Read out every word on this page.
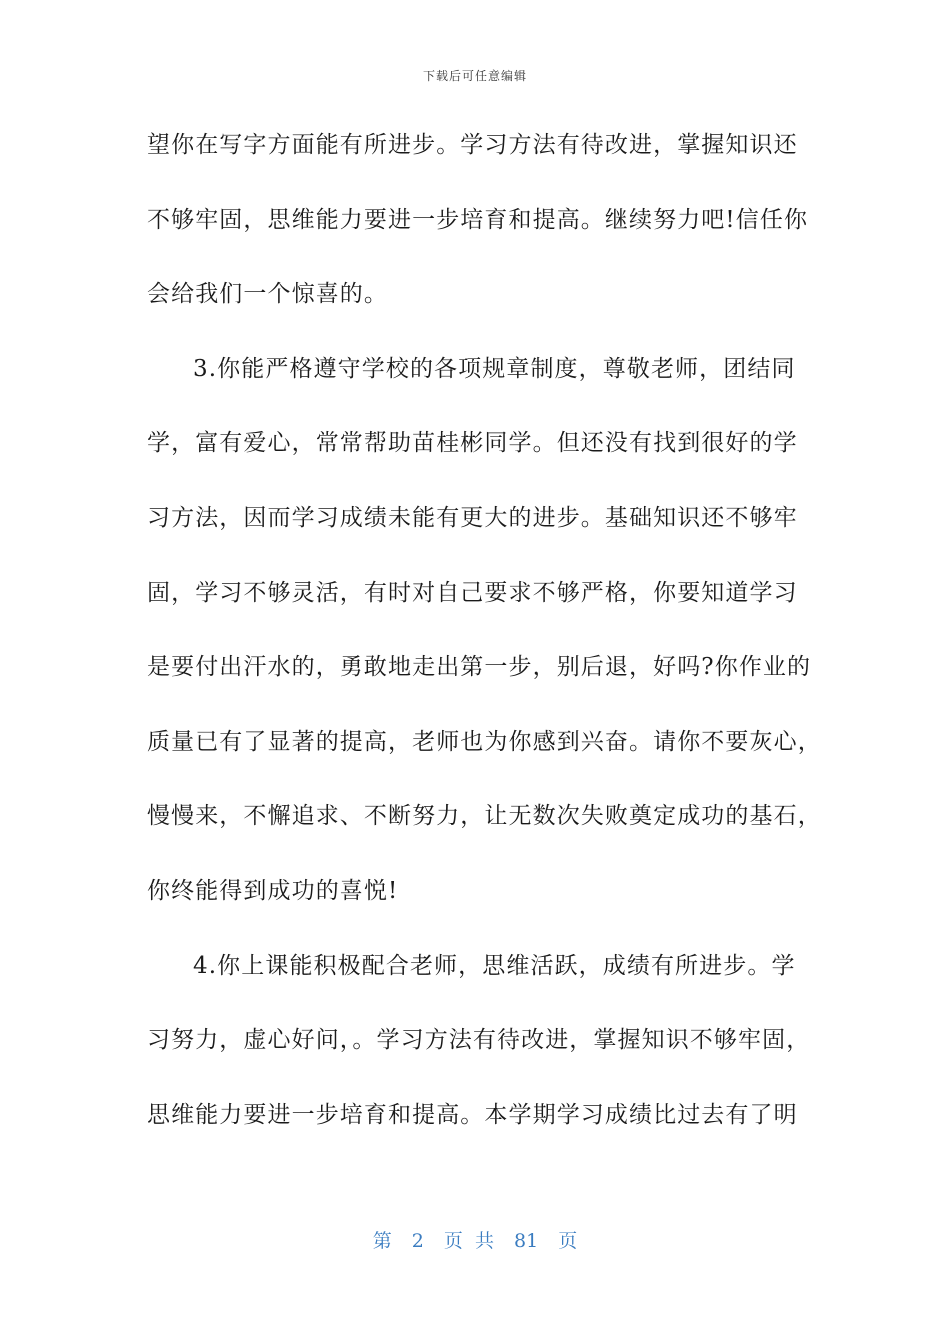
下载后可任意编辑
望你在写字方面能有所进步。学习方法有待改进，掌握知识还
不够牢固，思维能力要进一步培育和提高。继续努力吧!信任你
会给我们一个惊喜的。
3.你能严格遵守学校的各项规章制度，尊敬老师，团结同
学，富有爱心，常常帮助苗桂彬同学。但还没有找到很好的学
习方法，因而学习成绩未能有更大的进步。基础知识还不够牢
固，学习不够灵活，有时对自己要求不够严格，你要知道学习
是要付出汗水的，勇敢地走出第一步，别后退，好吗?你作业的
质量已有了显著的提高，老师也为你感到兴奋。请你不要灰心，
慢慢来，不懈追求、不断努力，让无数次失败奠定成功的基石，
你终能得到成功的喜悦!
4.你上课能积极配合老师，思维活跃，成绩有所进步。学
习努力，虚心好问，。学习方法有待改进，掌握知识不够牢固，
思维能力要进一步培育和提高。本学期学习成绩比过去有了明
第 2 页 共 81 页
